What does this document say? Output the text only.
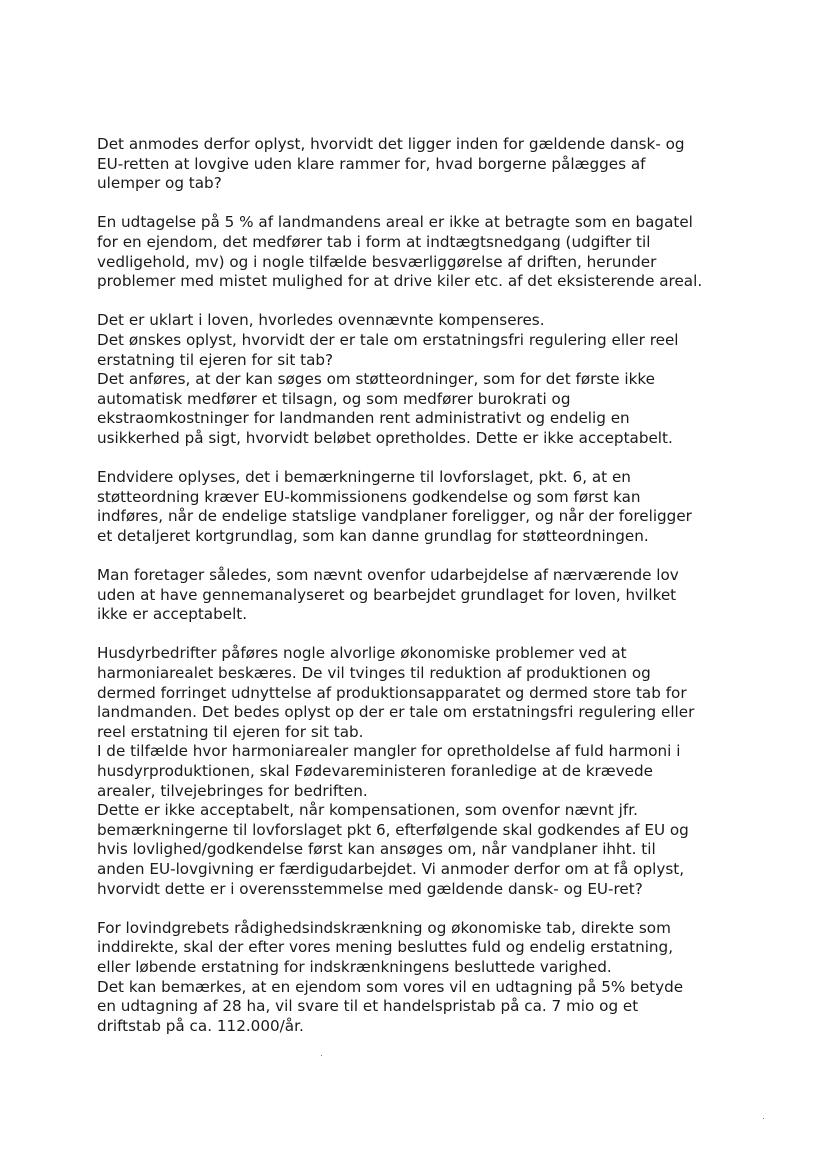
Det anmodes derfor oplyst, hvorvidt det ligger inden for gældende dansk- og
EU-retten at lovgive uden klare rammer for, hvad borgerne pålægges af
ulemper og tab?
En udtagelse på 5 % af landmandens areal er ikke at betragte som en bagatel
for en ejendom, det medfører tab i form at indtægtsnedgang (udgifter til
vedligehold, mv) og i nogle tilfælde besværliggørelse af driften, herunder
problemer med mistet mulighed for at drive kiler etc. af det eksisterende areal.
Det er uklart i loven, hvorledes ovennævnte kompenseres.
Det ønskes oplyst, hvorvidt der er tale om erstatningsfri regulering eller reel
erstatning til ejeren for sit tab?
Det anføres, at der kan søges om støtteordninger, som for det første ikke
automatisk medfører et tilsagn, og som medfører burokrati og
ekstraomkostninger for landmanden rent administrativt og endelig en
usikkerhed på sigt, hvorvidt beløbet opretholdes. Dette er ikke acceptabelt.
Endvidere oplyses, det i bemærkningerne til lovforslaget, pkt. 6, at en
støtteordning kræver EU-kommissionens godkendelse og som først kan
indføres, når de endelige statslige vandplaner foreligger, og når der foreligger
et detaljeret kortgrundlag, som kan danne grundlag for støtteordningen.
Man foretager således, som nævnt ovenfor udarbejdelse af nærværende lov
uden at have gennemanalyseret og bearbejdet grundlaget for loven, hvilket
ikke er acceptabelt.
Husdyrbedrifter påføres nogle alvorlige økonomiske problemer ved at
harmoniarealet beskæres. De vil tvinges til reduktion af produktionen og
dermed forringet udnyttelse af produktionsapparatet og dermed store tab for
landmanden. Det bedes oplyst op der er tale om erstatningsfri regulering eller
reel erstatning til ejeren for sit tab.
I de tilfælde hvor harmoniarealer mangler for opretholdelse af fuld harmoni i
husdyrproduktionen, skal Fødevareministeren foranledige at de krævede
arealer, tilvejebringes for bedriften.
Dette er ikke acceptabelt, når kompensationen, som ovenfor nævnt jfr.
bemærkningerne til lovforslaget pkt 6, efterfølgende skal godkendes af EU og
hvis lovlighed/godkendelse først kan ansøges om, når vandplaner ihht. til
anden EU-lovgivning er færdigudarbejdet. Vi anmoder derfor om at få oplyst,
hvorvidt dette er i overensstemmelse med gældende dansk- og EU-ret?
For lovindgrebets rådighedsindskrænkning og økonomiske tab, direkte som
inddirekte, skal der efter vores mening besluttes fuld og endelig erstatning,
eller løbende erstatning for indskrænkningens besluttede varighed.
Det kan bemærkes, at en ejendom som vores vil en udtagning på 5% betyde
en udtagning af 28 ha, vil svare til et handelspristab på ca. 7 mio og et
driftstab på ca. 112.000/år.
